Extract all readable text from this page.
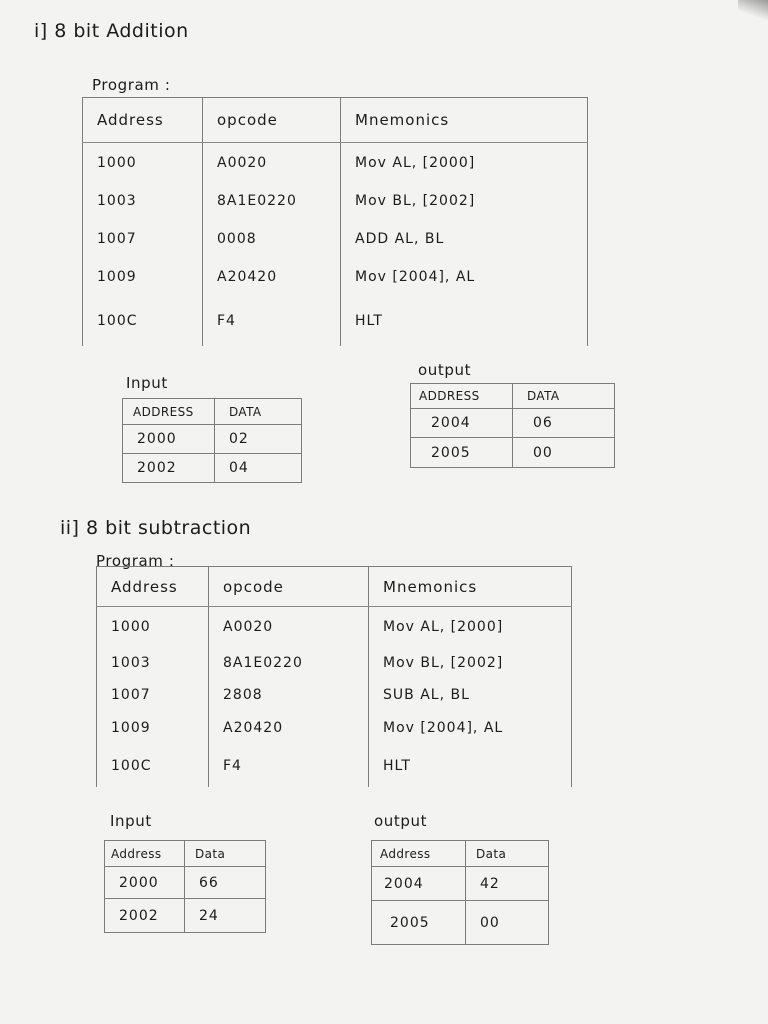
i] 8 bit Addition
Program :
Address	opcode	Mnemonics
1000	A0020	Mov AL, [2000]
1003	8A1E0220	Mov BL, [2002]
1007	0008	ADD AL, BL
1009	A20420	Mov [2004], AL
100C	F4	HLT
Input
ADDRESS	DATA
2000	02
2002	04
output
ADDRESS	DATA
2004	06
2005	00
ii] 8 bit subtraction
Program :
Address	opcode	Mnemonics
1000	A0020	Mov AL, [2000]
1003	8A1E0220	Mov BL, [2002]
1007	2808	SUB AL, BL
1009	A20420	Mov [2004], AL
100C	F4	HLT
Input
Address	Data
2000	66
2002	24
output
Address	Data
2004	42
2005	00
